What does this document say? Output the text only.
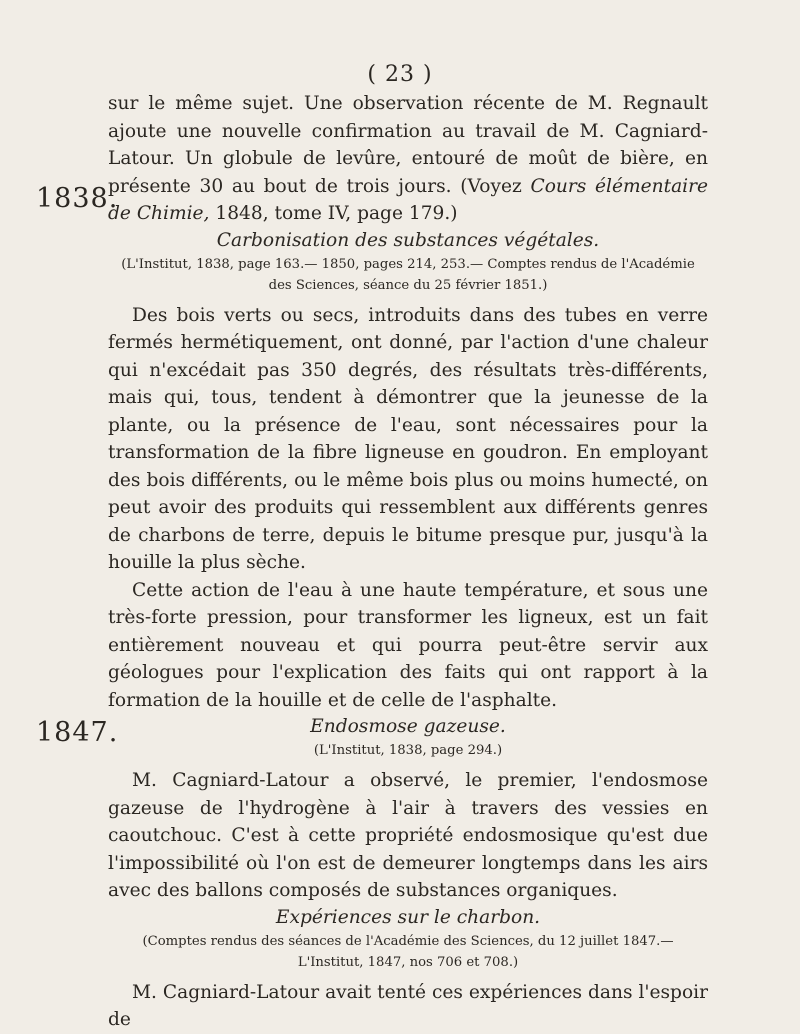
( 23 )
1838.
1847.

sur le même sujet. Une observation récente de M. Regnault ajoute une nouvelle confirmation au travail de M. Cagniard-Latour. Un globule de levûre, entouré de moût de bière, en présente 30 au bout de trois jours. (Voyez Cours élémentaire de Chimie, 1848, tome IV, page 179.)

Carbonisation des substances végétales.

(L'Institut, 1838, page 163.— 1850, pages 214, 253.— Comptes rendus de l'Académie des Sciences, séance du 25 février 1851.)

Des bois verts ou secs, introduits dans des tubes en verre fermés hermétiquement, ont donné, par l'action d'une chaleur qui n'excédait pas 350 degrés, des résultats très-différents, mais qui, tous, tendent à démontrer que la jeunesse de la plante, ou la présence de l'eau, sont nécessaires pour la transformation de la fibre ligneuse en goudron. En employant des bois différents, ou le même bois plus ou moins humecté, on peut avoir des produits qui ressemblent aux différents genres de charbons de terre, depuis le bitume presque pur, jusqu'à la houille la plus sèche.

Cette action de l'eau à une haute température, et sous une très-forte pression, pour transformer les ligneux, est un fait entièrement nouveau et qui pourra peut-être servir aux géologues pour l'explication des faits qui ont rapport à la formation de la houille et de celle de l'asphalte.

Endosmose gazeuse.

(L'Institut, 1838, page 294.)

M. Cagniard-Latour a observé, le premier, l'endosmose gazeuse de l'hydrogène à l'air à travers des vessies en caoutchouc. C'est à cette propriété endosmosique qu'est due l'impossibilité où l'on est de demeurer longtemps dans les airs avec des ballons composés de substances organiques.

Expériences sur le charbon.

(Comptes rendus des séances de l'Académie des Sciences, du 12 juillet 1847.—L'Institut, 1847, nos 706 et 708.)

M. Cagniard-Latour avait tenté ces expériences dans l'espoir de
